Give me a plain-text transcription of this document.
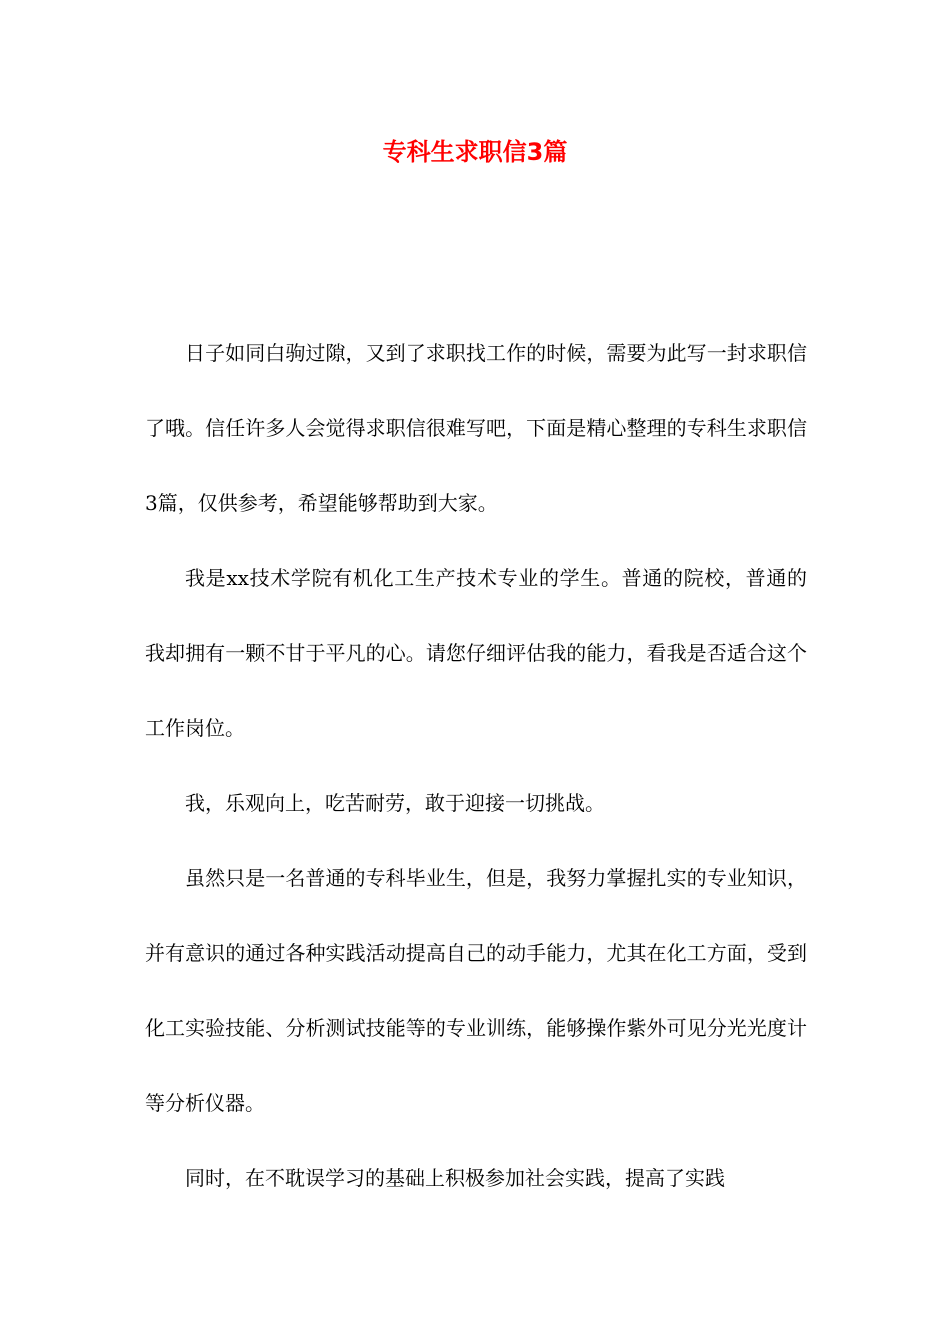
专科生求职信3篇

日子如同白驹过隙，又到了求职找工作的时候，需要为此写一封求职信了哦。信任许多人会觉得求职信很难写吧，下面是精心整理的专科生求职信3篇，仅供参考，希望能够帮助到大家。

我是xx技术学院有机化工生产技术专业的学生。普通的院校，普通的我却拥有一颗不甘于平凡的心。请您仔细评估我的能力，看我是否适合这个工作岗位。

我，乐观向上，吃苦耐劳，敢于迎接一切挑战。

虽然只是一名普通的专科毕业生，但是，我努力掌握扎实的专业知识，并有意识的通过各种实践活动提高自己的动手能力，尤其在化工方面，受到化工实验技能、分析测试技能等的专业训练，能够操作紫外可见分光光度计等分析仪器。

同时，在不耽误学习的基础上积极参加社会实践，提高了实践
